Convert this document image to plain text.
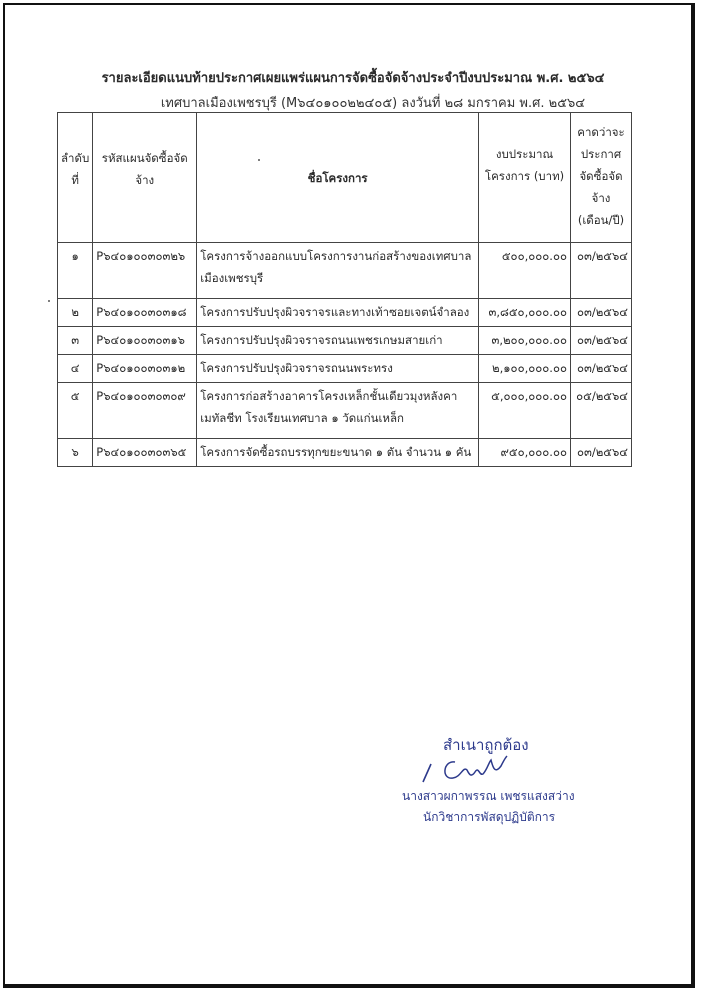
รายละเอียดแนบท้ายประกาศเผยแพร่แผนการจัดซื้อจัดจ้างประจำปีงบประมาณ พ.ศ. ๒๕๖๔
เทศบาลเมืองเพชรบุรี (M๖๔๐๑๐๐๒๒๔๐๕) ลงวันที่ ๒๘ มกราคม พ.ศ. ๒๕๖๔
ลำดับที่	รหัสแผนจัดซื้อจัดจ้าง	ชื่อโครงการ	งบประมาณโครงการ (บาท)	คาดว่าจะประกาศจัดซื้อจัดจ้าง (เดือน/ปี)
๑	P๖๔๐๑๐๐๓๐๓๒๖	โครงการจ้างออกแบบโครงการงานก่อสร้างของเทศบาลเมืองเพชรบุรี	๕๐๐,๐๐๐.๐๐	๐๓/๒๕๖๔
๒	P๖๔๐๑๐๐๓๐๓๑๘	โครงการปรับปรุงผิวจราจรและทางเท้าซอยเจตน์จำลอง	๓,๘๕๐,๐๐๐.๐๐	๐๓/๒๕๖๔
๓	P๖๔๐๑๐๐๓๐๓๑๖	โครงการปรับปรุงผิวจราจรถนนเพชรเกษมสายเก่า	๓,๒๐๐,๐๐๐.๐๐	๐๓/๒๕๖๔
๔	P๖๔๐๑๐๐๓๐๓๑๒	โครงการปรับปรุงผิวจราจรถนนพระทรง	๒,๑๐๐,๐๐๐.๐๐	๐๓/๒๕๖๔
๕	P๖๔๐๑๐๐๓๐๓๐๙	โครงการก่อสร้างอาคารโครงเหล็กชั้นเดียวมุงหลังคาเมทัลชีท โรงเรียนเทศบาล ๑ วัดแก่นเหล็ก	๕,๐๐๐,๐๐๐.๐๐	๐๕/๒๕๖๔
๖	P๖๔๐๑๐๐๓๐๓๖๕	โครงการจัดซื้อรถบรรทุกขยะขนาด ๑ ตัน จำนวน ๑ คัน	๙๕๐,๐๐๐.๐๐	๐๓/๒๕๖๔
สำเนาถูกต้อง
นางสาวผกาพรรณ เพชรแสงสว่าง
นักวิชาการพัสดุปฏิบัติการ
